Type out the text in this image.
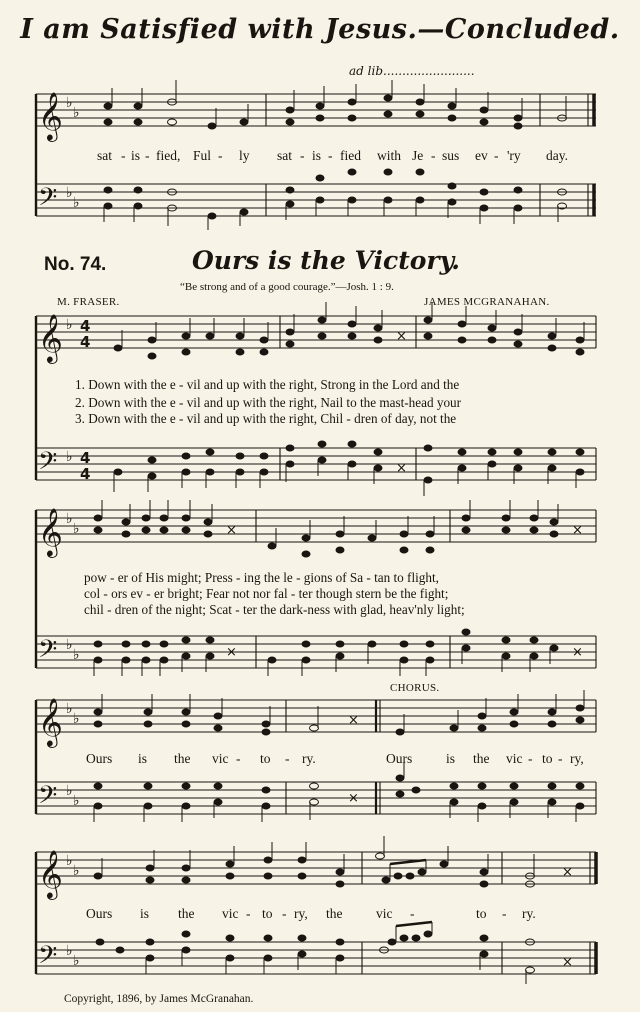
I am Satisfied with Jesus.—Concluded.
ad lib........................
𝄞
𝄢
♭
♭
♭
♭
sat - is - fied, Ful - ly sat - is - fied with Je - sus ev - 'ry day.
No. 74.	Ours is the Victory.
“Be strong and of a good courage.”—Josh. 1 : 9.
M. FRASER.	JAMES MCGRANAHAN.
𝄞
𝄢
♭
♭
4
4
4
4
×
×
1. Down with the e - vil and up with the right, Strong in the Lord and the
2. Down with the e - vil and up with the right, Nail to the mast-head your
3. Down with the e - vil and up with the right, Chil - dren of day, not the
𝄞
𝄢
♭
♭
♭
♭
×
×
×
×
pow - er of His might; Press - ing the le - gions of Sa - tan to flight,
col - ors ev - er bright; Fear not nor fal - ter though stern be the fight;
chil - dren of the night; Scat - ter the dark-ness with glad, heav'nly light;
CHORUS.
𝄞
𝄢
♭
♭
♭
♭
×
×
Ours is the vic - to - ry.	Ours	is the vic - to - ry,
𝄞
𝄢
♭
♭
♭
♭
×
×
Ours is the vic - to - ry, the vic -	to - ry.
Copyright, 1896, by James McGranahan.
